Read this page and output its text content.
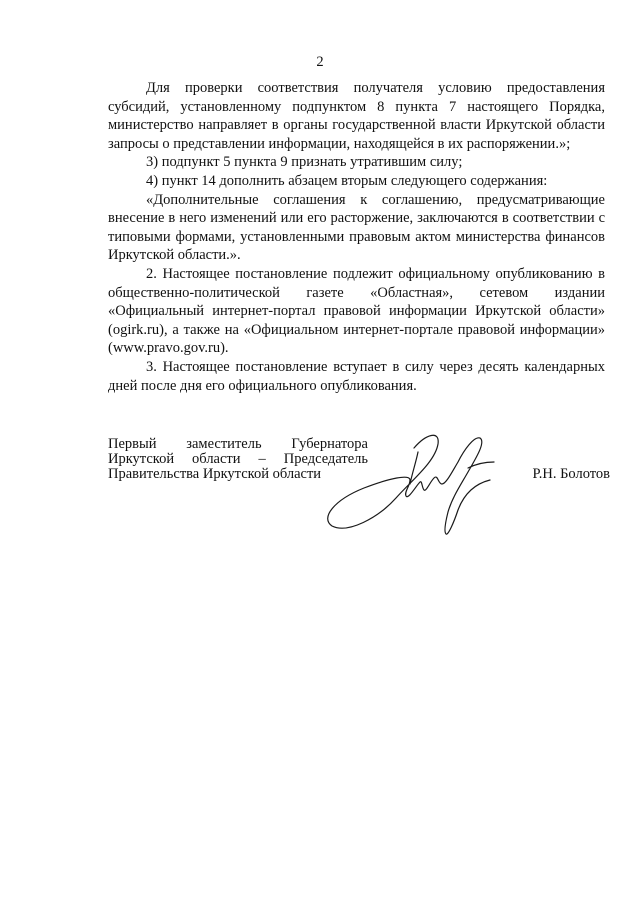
2

Для проверки соответствия получателя условию предоставления субсидий, установленному подпунктом 8 пункта 7 настоящего Порядка, министерство направляет в органы государственной власти Иркутской области запросы о представлении информации, находящейся в их распоряжении.»;

3) подпункт 5 пункта 9 признать утратившим силу;

4) пункт 14 дополнить абзацем вторым следующего содержания:

«Дополнительные соглашения к соглашению, предусматривающие внесение в него изменений или его расторжение, заключаются в соответствии с типовыми формами, установленными правовым актом министерства финансов Иркутской области.».

2. Настоящее постановление подлежит официальному опубликованию в общественно-политической газете «Областная», сетевом издании «Официальный интернет-портал правовой информации Иркутской области» (ogirk.ru), а также на «Официальном интернет-портале правовой информации» (www.pravo.gov.ru).

3. Настоящее постановление вступает в силу через десять календарных дней после дня его официального опубликования.

Первый заместитель Губернатора
Иркутской области – Председатель
Правительства Иркутской области	Р.Н. Болотов
